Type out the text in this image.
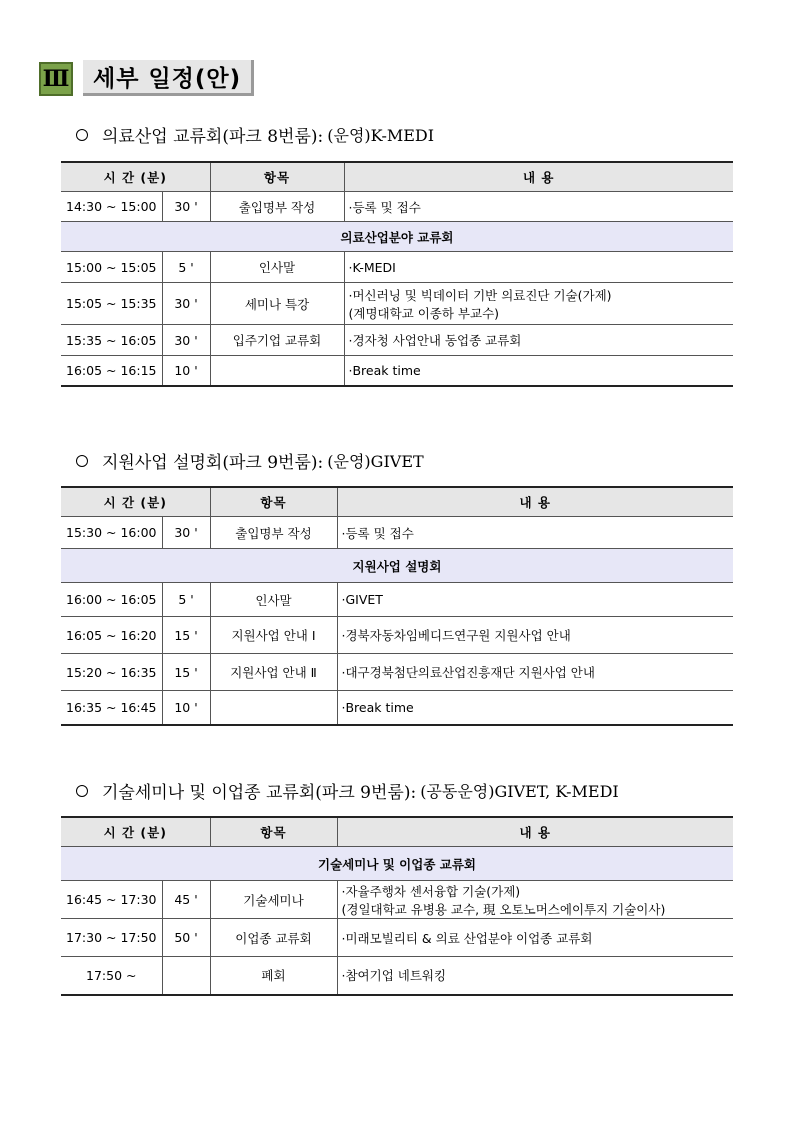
Ⅲ	세부 일정(안)
의료산업 교류회(파크 8번룸): (운영)K-MEDI
시 간 (분)		항목	내 용
14:30 ~ 15:00	30 '	출입명부 작성	·등록 및 접수
의료산업분야 교류회			
15:00 ~ 15:05	5 '	인사말	·K-MEDI
15:05 ~ 15:35	30 '	세미나 특강	·머신러닝 및 빅데이터 기반 의료진단 기술(가제)
(계명대학교 이종하 부교수)

15:35 ~ 16:05	30 '	입주기업 교류회	·경자청 사업안내 동업종 교류회
16:05 ~ 16:15	10 '		·Break time
지원사업 설명회(파크 9번룸): (운영)GIVET
시 간 (분)		항목	내 용
15:30 ~ 16:00	30 '	출입명부 작성	·등록 및 접수
지원사업 설명회			
16:00 ~ 16:05	5 '	인사말	·GIVET
16:05 ~ 16:20	15 '	지원사업 안내 Ⅰ	·경북자동차임베디드연구원 지원사업 안내
15:20 ~ 16:35	15 '	지원사업 안내 Ⅱ	·대구경북첨단의료산업진흥재단 지원사업 안내
16:35 ~ 16:45	10 '		·Break time
기술세미나 및 이업종 교류회(파크 9번룸): (공동운영)GIVET, K-MEDI
시 간 (분)		항목	내 용
기술세미나 및 이업종 교류회			
16:45 ~ 17:30	45 '	기술세미나	·자율주행차 센서융합 기술(가제)
(경일대학교 유병용 교수, 現 오토노머스에이투지 기술이사)

17:30 ~ 17:50	50 '	이업종 교류회	·미래모빌리티 & 의료 산업분야 이업종 교류회
17:50 ~		폐회	·참여기업 네트워킹
